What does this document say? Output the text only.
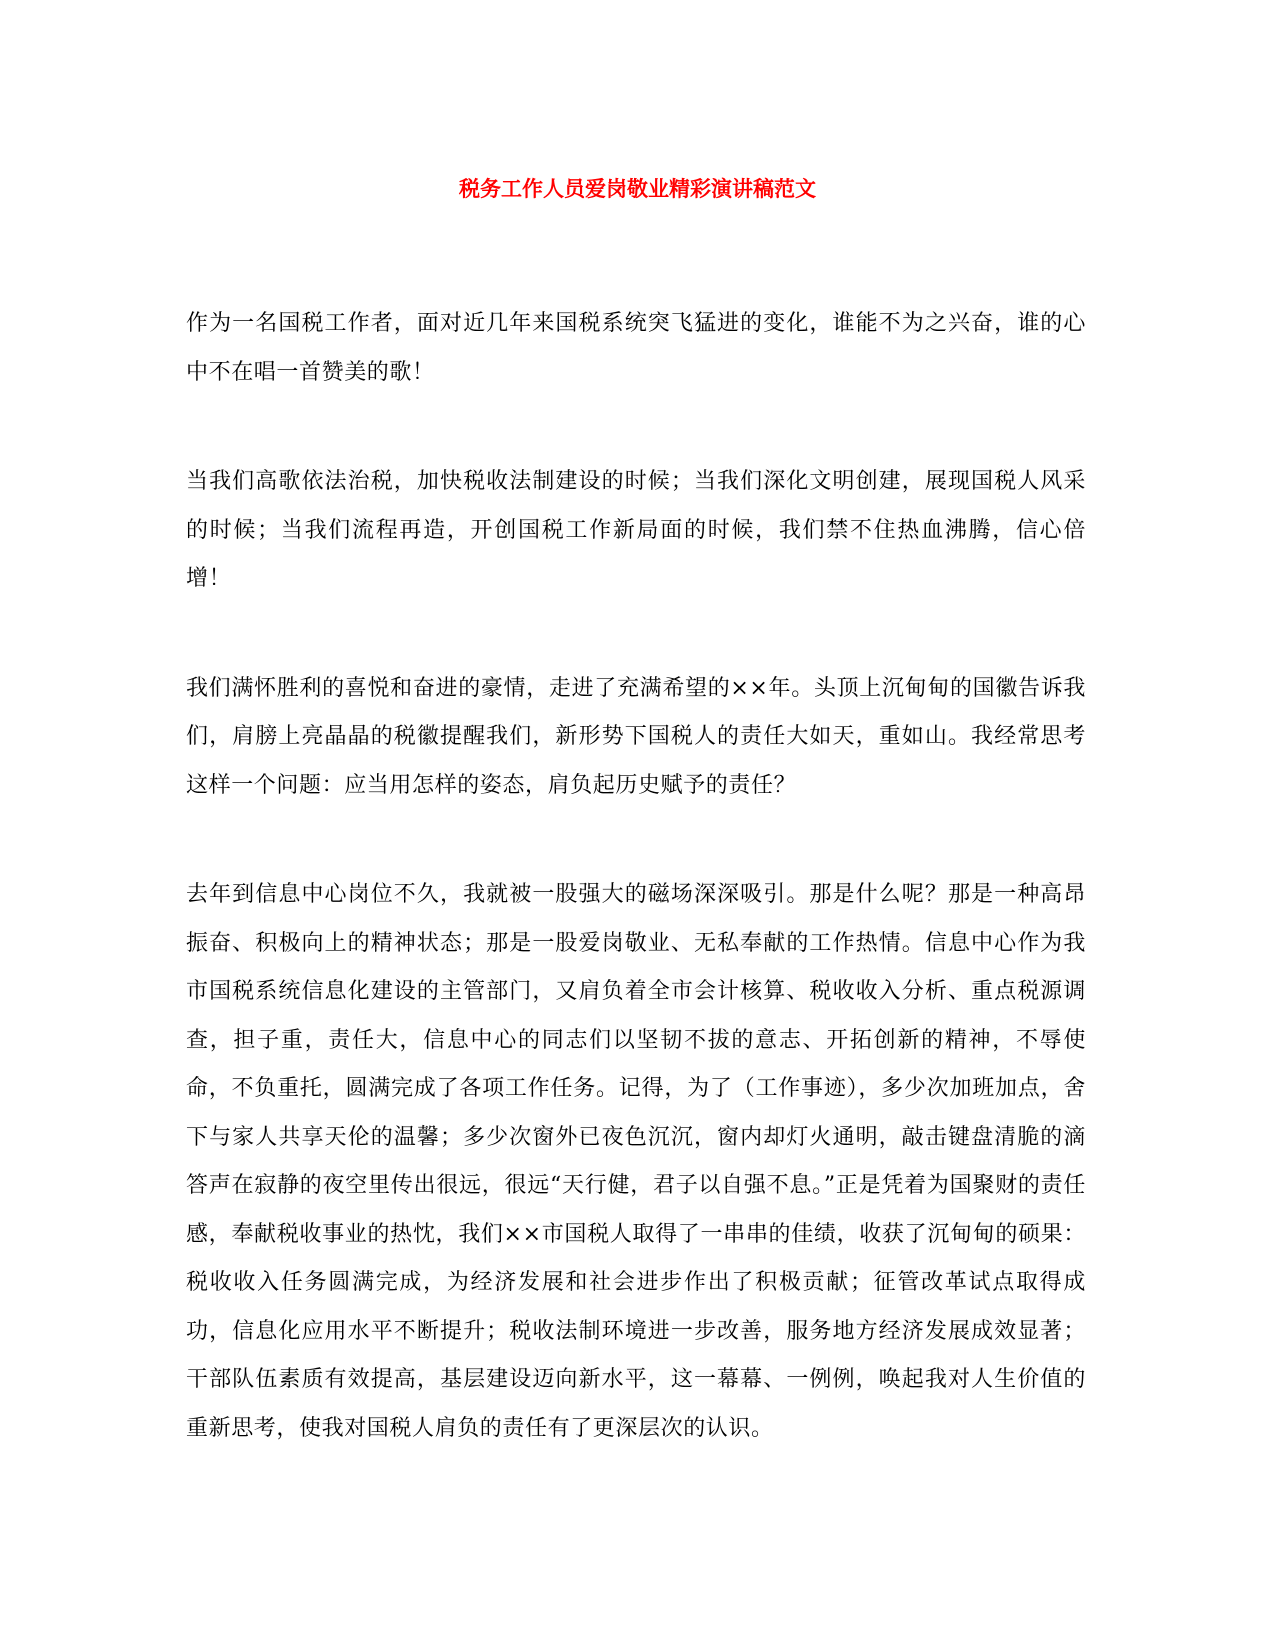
税务工作人员爱岗敬业精彩演讲稿范文

作为一名国税工作者，面对近几年来国税系统突飞猛进的变化，谁能不为之兴奋，谁的心中不在唱一首赞美的歌！

当我们高歌依法治税，加快税收法制建设的时候；当我们深化文明创建，展现国税人风采的时候；当我们流程再造，开创国税工作新局面的时候，我们禁不住热血沸腾，信心倍增！

我们满怀胜利的喜悦和奋进的豪情，走进了充满希望的××年。头顶上沉甸甸的国徽告诉我们，肩膀上亮晶晶的税徽提醒我们，新形势下国税人的责任大如天，重如山。我经常思考这样一个问题：应当用怎样的姿态，肩负起历史赋予的责任？

去年到信息中心岗位不久，我就被一股强大的磁场深深吸引。那是什么呢？那是一种高昂振奋、积极向上的精神状态；那是一股爱岗敬业、无私奉献的工作热情。信息中心作为我市国税系统信息化建设的主管部门，又肩负着全市会计核算、税收收入分析、重点税源调查，担子重，责任大，信息中心的同志们以坚韧不拔的意志、开拓创新的精神，不辱使命，不负重托，圆满完成了各项工作任务。记得，为了（工作事迹），多少次加班加点，舍下与家人共享天伦的温馨；多少次窗外已夜色沉沉，窗内却灯火通明，敲击键盘清脆的滴答声在寂静的夜空里传出很远，很远“天行健，君子以自强不息。”正是凭着为国聚财的责任感，奉献税收事业的热忱，我们××市国税人取得了一串串的佳绩，收获了沉甸甸的硕果：税收收入任务圆满完成，为经济发展和社会进步作出了积极贡献；征管改革试点取得成功，信息化应用水平不断提升；税收法制环境进一步改善，服务地方经济发展成效显著；干部队伍素质有效提高，基层建设迈向新水平，这一幕幕、一例例，唤起我对人生价值的重新思考，使我对国税人肩负的责任有了更深层次的认识。
